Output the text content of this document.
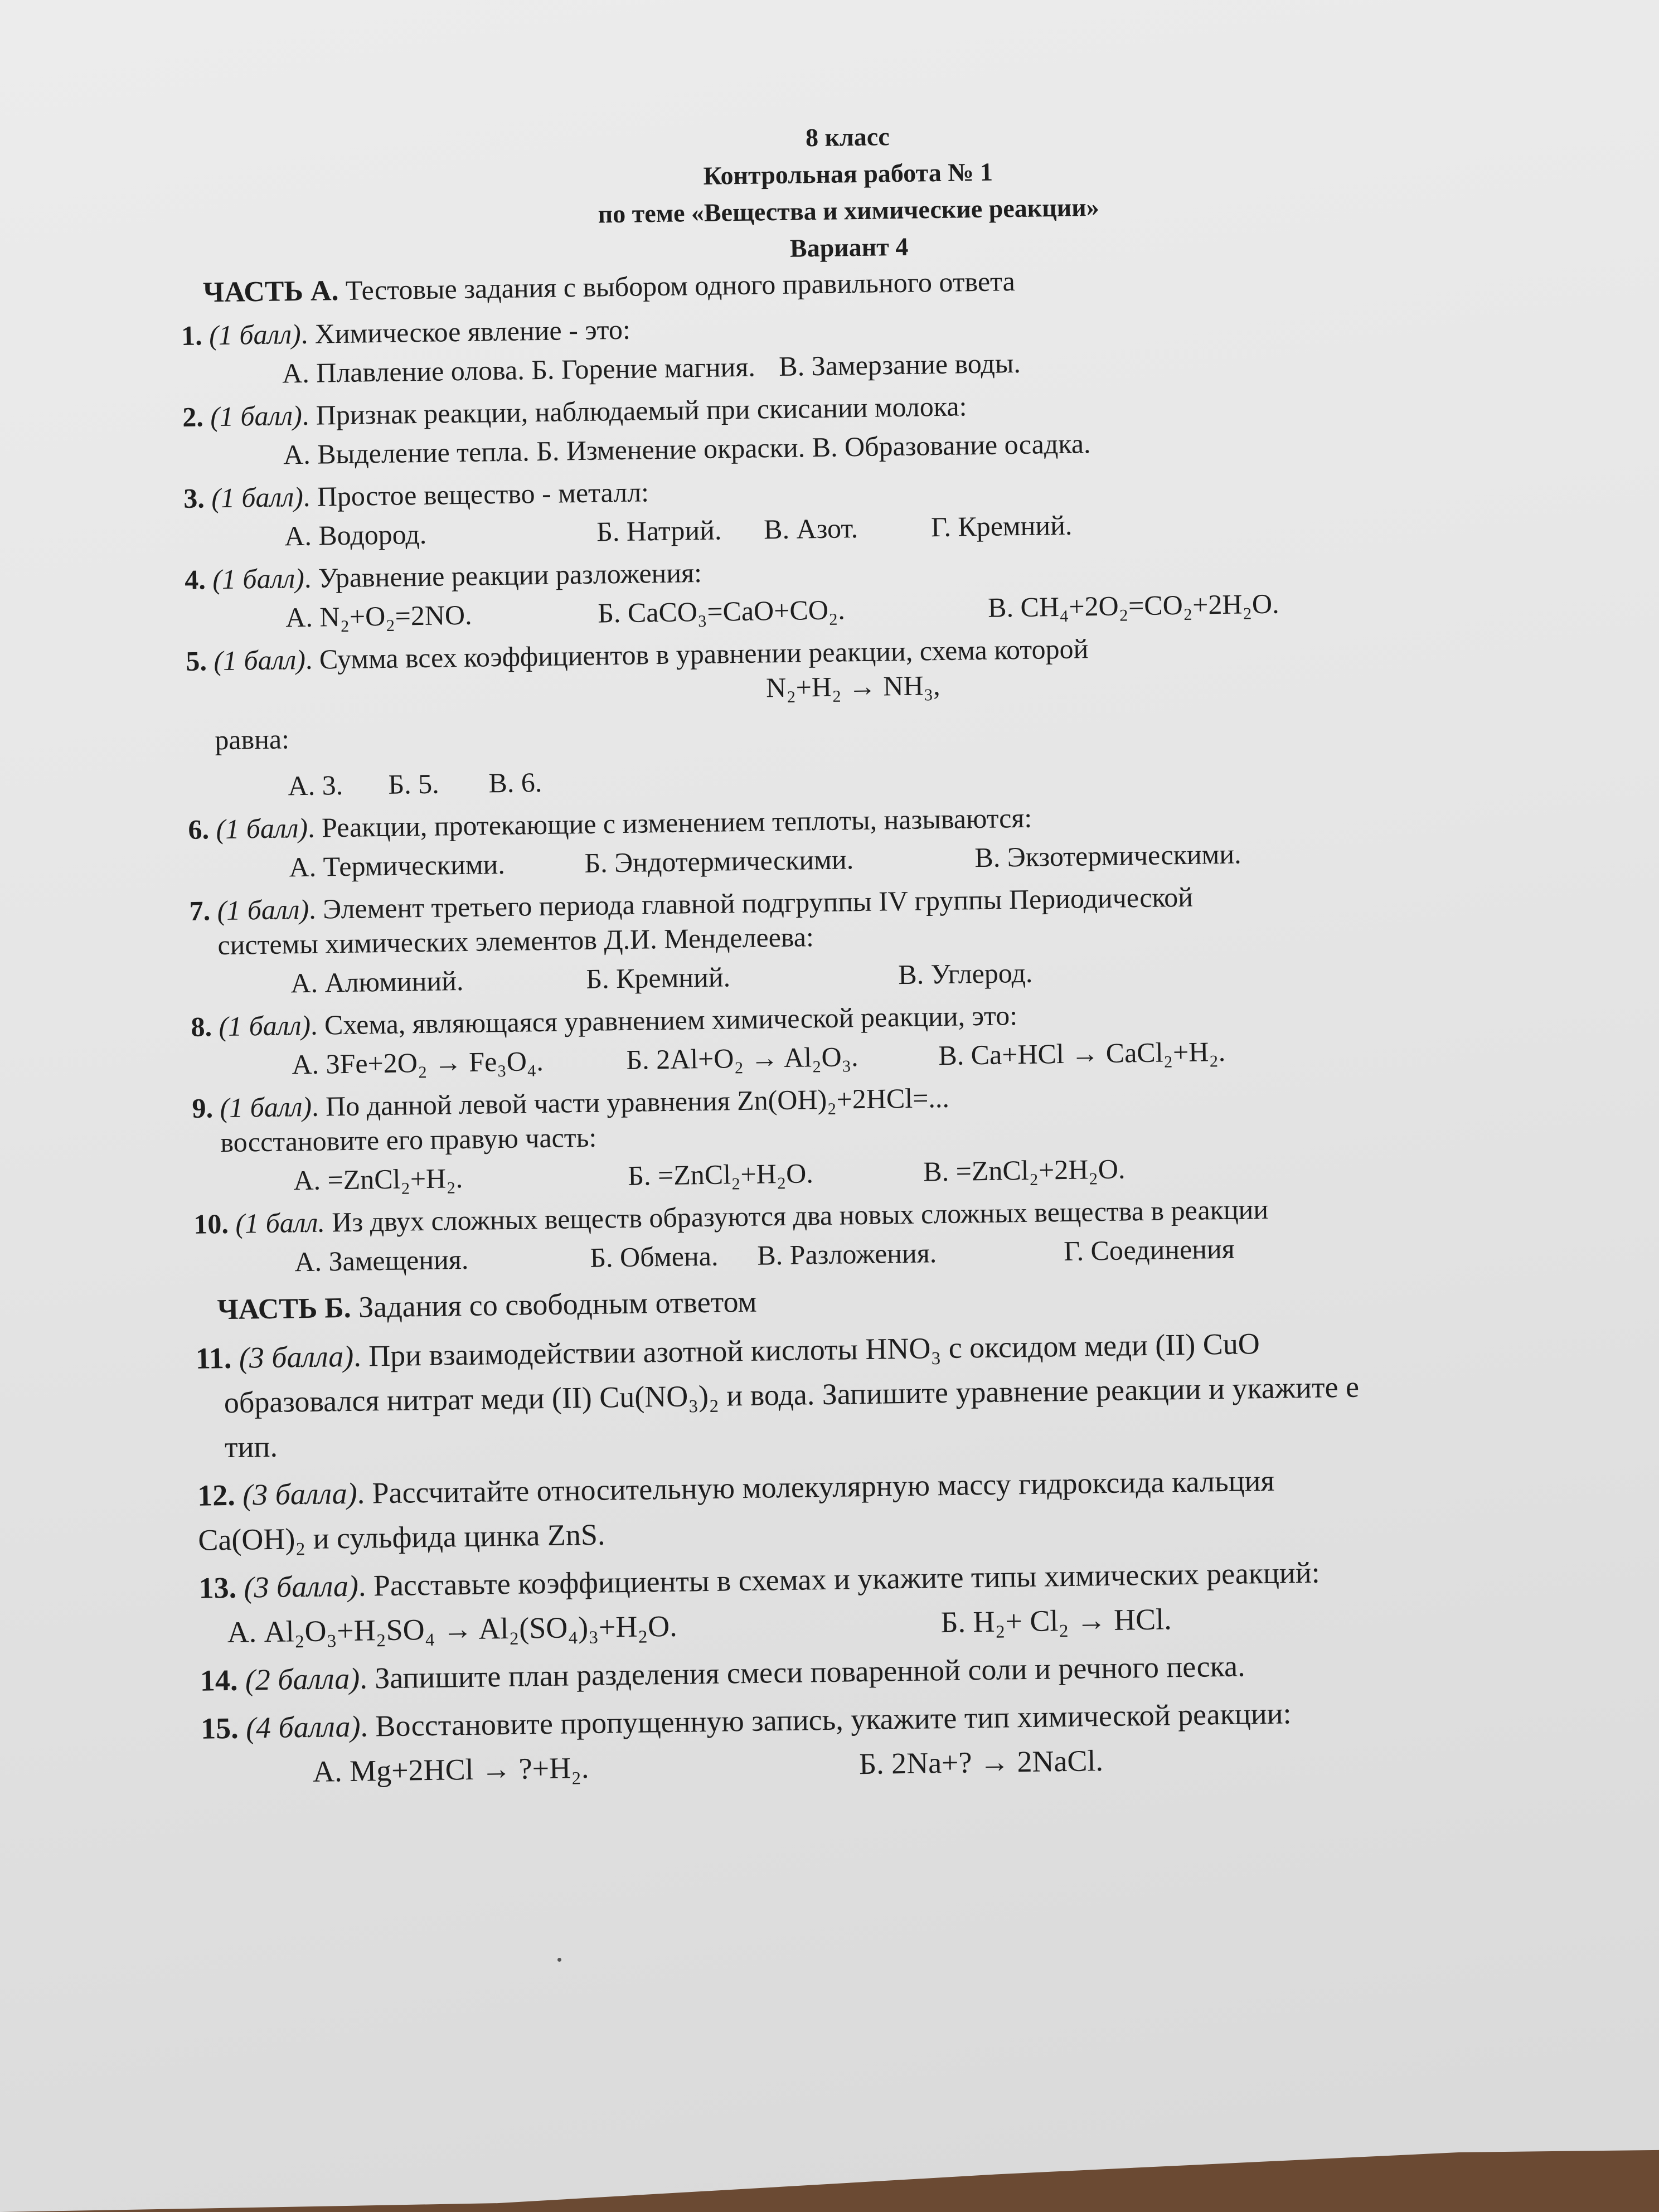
8 класс
Контрольная работа № 1
по теме «Вещества и химические реакции»
Вариант 4
ЧАСТЬ А. Тестовые задания с выбором одного правильного ответа
1. (1 балл). Химическое явление - это:
А. Плавление олова. Б. Горение магния. В. Замерзание воды.
2. (1 балл). Признак реакции, наблюдаемый при скисании молока:
А. Выделение тепла. Б. Изменение окраски. В. Образование осадка.
3. (1 балл). Простое вещество - металл:
А. Водород.	Б. Натрий. В. Азот.	Г. Кремний.
4. (1 балл). Уравнение реакции разложения:
А. N₂+O₂=2NO.	Б. CaCO₃=CaO+CO₂.	В. CH₄+2O₂=CO₂+2H₂O.
5. (1 балл). Сумма всех коэффициентов в уравнении реакции, схема которой
N₂+H₂ → NH₃,
равна:
А. 3. Б. 5. В. 6.
6. (1 балл). Реакции, протекающие с изменением теплоты, называются:
А. Термическими.	Б. Эндотермическими.	В. Экзотермическими.
7. (1 балл). Элемент третьего периода главной подгруппы IV группы Периодической
системы химических элементов Д.И. Менделеева:
А. Алюминий.	Б. Кремний.	В. Углерод.
8. (1 балл). Схема, являющаяся уравнением химической реакции, это:
А. 3Fe+2O₂ → Fe₃O₄.	Б. 2Al+O₂ → Al₂O₃.	В. Ca+HCl → CaCl₂+H₂.
9. (1 балл). По данной левой части уравнения Zn(OH)₂+2HCl=...
восстановите его правую часть:
А. =ZnCl₂+H₂.	Б. =ZnCl₂+H₂O.	В. =ZnCl₂+2H₂O.
10. (1 балл. Из двух сложных веществ образуются два новых сложных вещества в реакции
А. Замещения.	Б. Обмена. В. Разложения.	Г. Соединения
ЧАСТЬ Б. Задания со свободным ответом
11. (3 балла). При взаимодействии азотной кислоты HNO₃ с оксидом меди (II) CuO
образовался нитрат меди (II) Cu(NO₃)₂ и вода. Запишите уравнение реакции и укажите е
тип.
12. (3 балла). Рассчитайте относительную молекулярную массу гидроксида кальция
Ca(OH)₂ и сульфида цинка ZnS.
13. (3 балла). Расставьте коэффициенты в схемах и укажите типы химических реакций:
А. Al₂O₃+H₂SO₄ → Al₂(SO₄)₃+H₂O.	Б. H₂+ Cl₂ → HCl.
14. (2 балла). Запишите план разделения смеси поваренной соли и речного песка.
15. (4 балла). Восстановите пропущенную запись, укажите тип химической реакции:
А. Mg+2HCl → ?+H₂.	Б. 2Na+? → 2NaCl.
